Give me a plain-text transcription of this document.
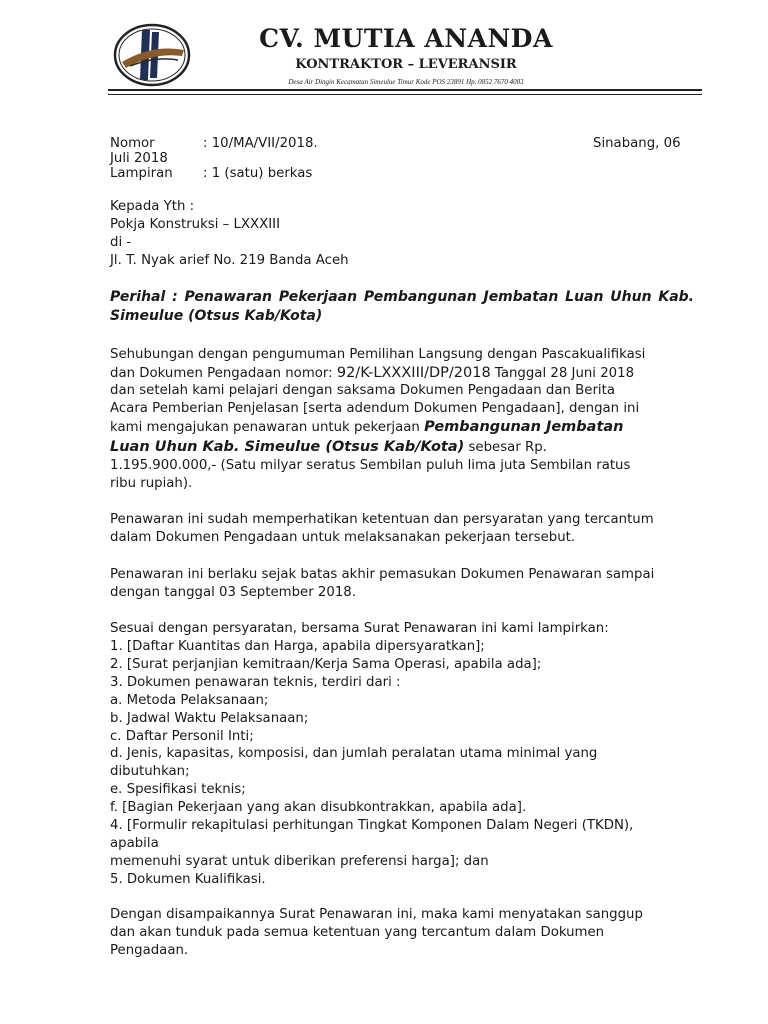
CV. MUTIA ANANDA
KONTRAKTOR – LEVERANSIR
Desa Air Dingin Kecamatan Simeulue Timur Kode POS 23891 Hp. 0852 7670 4083
Nomor	: 10/MA/VII/2018.	Sinabang, 06
Juli 2018
Lampiran : 1 (satu) berkas
Kepada Yth :
Pokja Konstruksi – LXXXIII
di -
Jl. T. Nyak arief No. 219 Banda Aceh
Perihal : Penawaran Pekerjaan Pembangunan Jembatan Luan Uhun Kab. Simeulue (Otsus Kab/Kota)
Sehubungan dengan pengumuman Pemilihan Langsung dengan Pascakualifikasi
dan Dokumen Pengadaan nomor: 92/K-LXXXIII/DP/2018 Tanggal 28 Juni 2018
dan setelah kami pelajari dengan saksama Dokumen Pengadaan dan Berita
Acara Pemberian Penjelasan [serta adendum Dokumen Pengadaan], dengan ini
kami mengajukan penawaran untuk pekerjaan Pembangunan Jembatan
Luan Uhun Kab. Simeulue (Otsus Kab/Kota) sebesar Rp.
1.195.900.000,- (Satu milyar seratus Sembilan puluh lima juta Sembilan ratus
ribu rupiah).
Penawaran ini sudah memperhatikan ketentuan dan persyaratan yang tercantum
dalam Dokumen Pengadaan untuk melaksanakan pekerjaan tersebut.
Penawaran ini berlaku sejak batas akhir pemasukan Dokumen Penawaran sampai
dengan tanggal 03 September 2018.
Sesuai dengan persyaratan, bersama Surat Penawaran ini kami lampirkan:
1. [Daftar Kuantitas dan Harga, apabila dipersyaratkan];
2. [Surat perjanjian kemitraan/Kerja Sama Operasi, apabila ada];
3. Dokumen penawaran teknis, terdiri dari :
a. Metoda Pelaksanaan;
b. Jadwal Waktu Pelaksanaan;
c. Daftar Personil Inti;
d. Jenis, kapasitas, komposisi, dan jumlah peralatan utama minimal yang
dibutuhkan;
e. Spesifikasi teknis;
f. [Bagian Pekerjaan yang akan disubkontrakkan, apabila ada].
4. [Formulir rekapitulasi perhitungan Tingkat Komponen Dalam Negeri (TKDN),
apabila
memenuhi syarat untuk diberikan preferensi harga]; dan
5. Dokumen Kualifikasi.
Dengan disampaikannya Surat Penawaran ini, maka kami menyatakan sanggup
dan akan tunduk pada semua ketentuan yang tercantum dalam Dokumen
Pengadaan.
